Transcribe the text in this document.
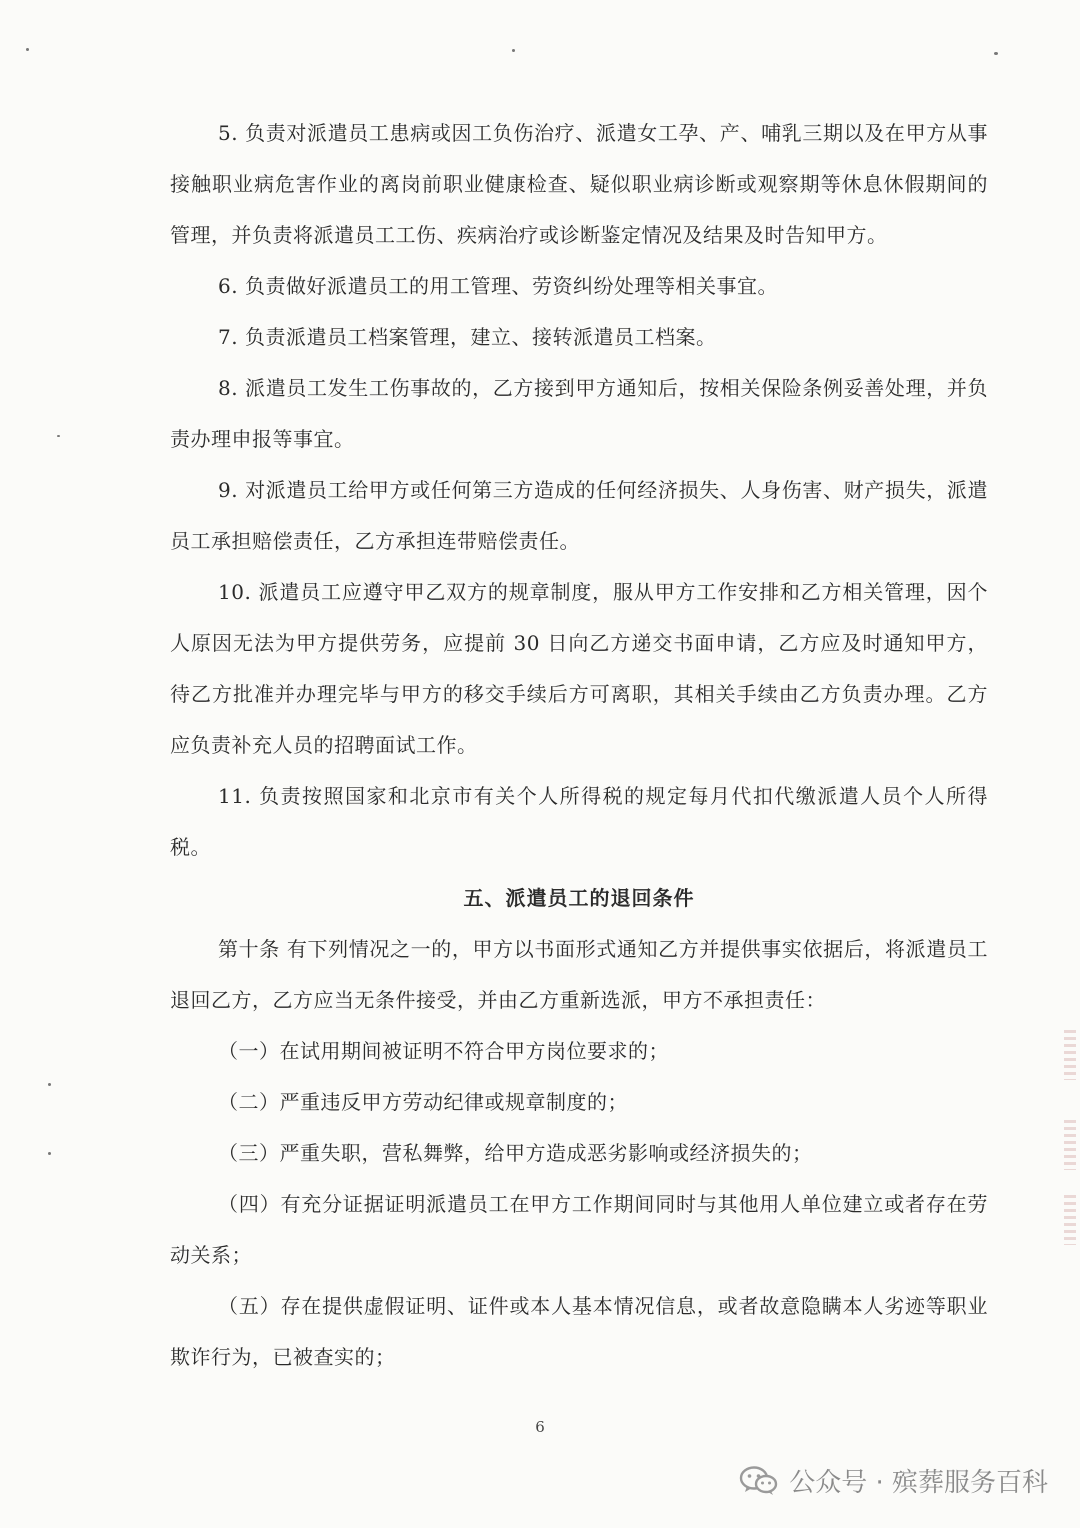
5. 负责对派遣员工患病或因工负伤治疗、派遣女工孕、产、哺乳三期以及在甲方从事接触职业病危害作业的离岗前职业健康检查、疑似职业病诊断或观察期等休息休假期间的管理，并负责将派遣员工工伤、疾病治疗或诊断鉴定情况及结果及时告知甲方。

6. 负责做好派遣员工的用工管理、劳资纠纷处理等相关事宜。

7. 负责派遣员工档案管理，建立、接转派遣员工档案。

8. 派遣员工发生工伤事故的，乙方接到甲方通知后，按相关保险条例妥善处理，并负责办理申报等事宜。

9. 对派遣员工给甲方或任何第三方造成的任何经济损失、人身伤害、财产损失，派遣员工承担赔偿责任，乙方承担连带赔偿责任。

10. 派遣员工应遵守甲乙双方的规章制度，服从甲方工作安排和乙方相关管理，因个人原因无法为甲方提供劳务，应提前 30 日向乙方递交书面申请，乙方应及时通知甲方，待乙方批准并办理完毕与甲方的移交手续后方可离职，其相关手续由乙方负责办理。乙方应负责补充人员的招聘面试工作。

11. 负责按照国家和北京市有关个人所得税的规定每月代扣代缴派遣人员个人所得税。

五、派遣员工的退回条件

第十条 有下列情况之一的，甲方以书面形式通知乙方并提供事实依据后，将派遣员工退回乙方，乙方应当无条件接受，并由乙方重新选派，甲方不承担责任：

（一）在试用期间被证明不符合甲方岗位要求的；

（二）严重违反甲方劳动纪律或规章制度的；

（三）严重失职，营私舞弊，给甲方造成恶劣影响或经济损失的；

（四）有充分证据证明派遣员工在甲方工作期间同时与其他用人单位建立或者存在劳动关系；

（五）存在提供虚假证明、证件或本人基本情况信息，或者故意隐瞒本人劣迹等职业欺诈行为，已被查实的；

6
公众号 · 殡葬服务百科
